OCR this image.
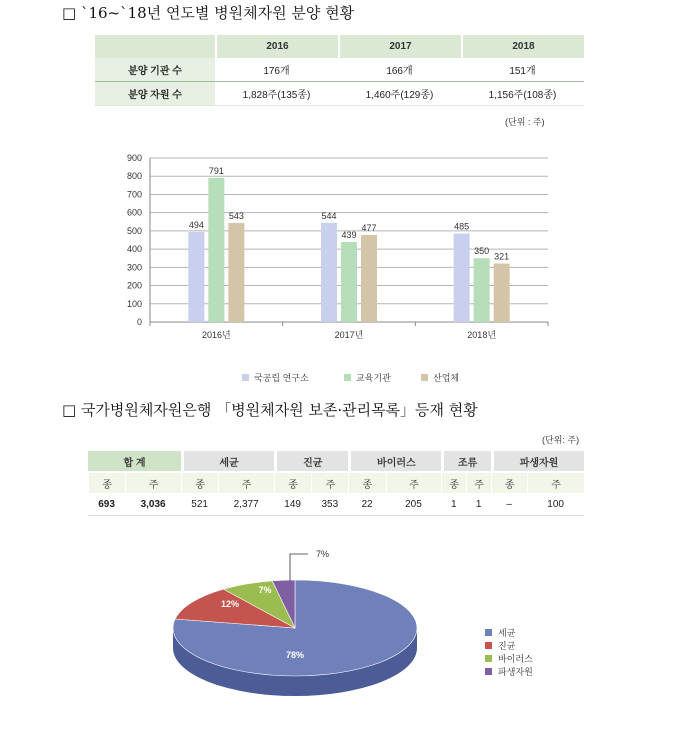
□ `16~`18년 연도별 병원체자원 분양 현황
	2016	2017	2018
분양 기관 수	176개	166개	151개
분양 자원 수	1,828주(135종)	1,460주(129종)	1,156주(108종)
(단위 : 주)
0
100
200
300
400
500
600
700
800
900
494
791
543
2016년
544
439
477
2017년
485
350
321
2018년
국공립 연구소	교육기관	산업체
□ 국가병원체자원은행 「병원체자원 보존·관리목록」등재 현황
(단위: 주)
합 계		세균		진균		바이러스		조류		파생자원	
종	주	종	주	종	주	종	주	종	주	종	주
693	3,036	521	2,377	149	353	22	205	1	1	–	100
78%
12%
7%
7%
세균
진균
바이러스
파생자원
